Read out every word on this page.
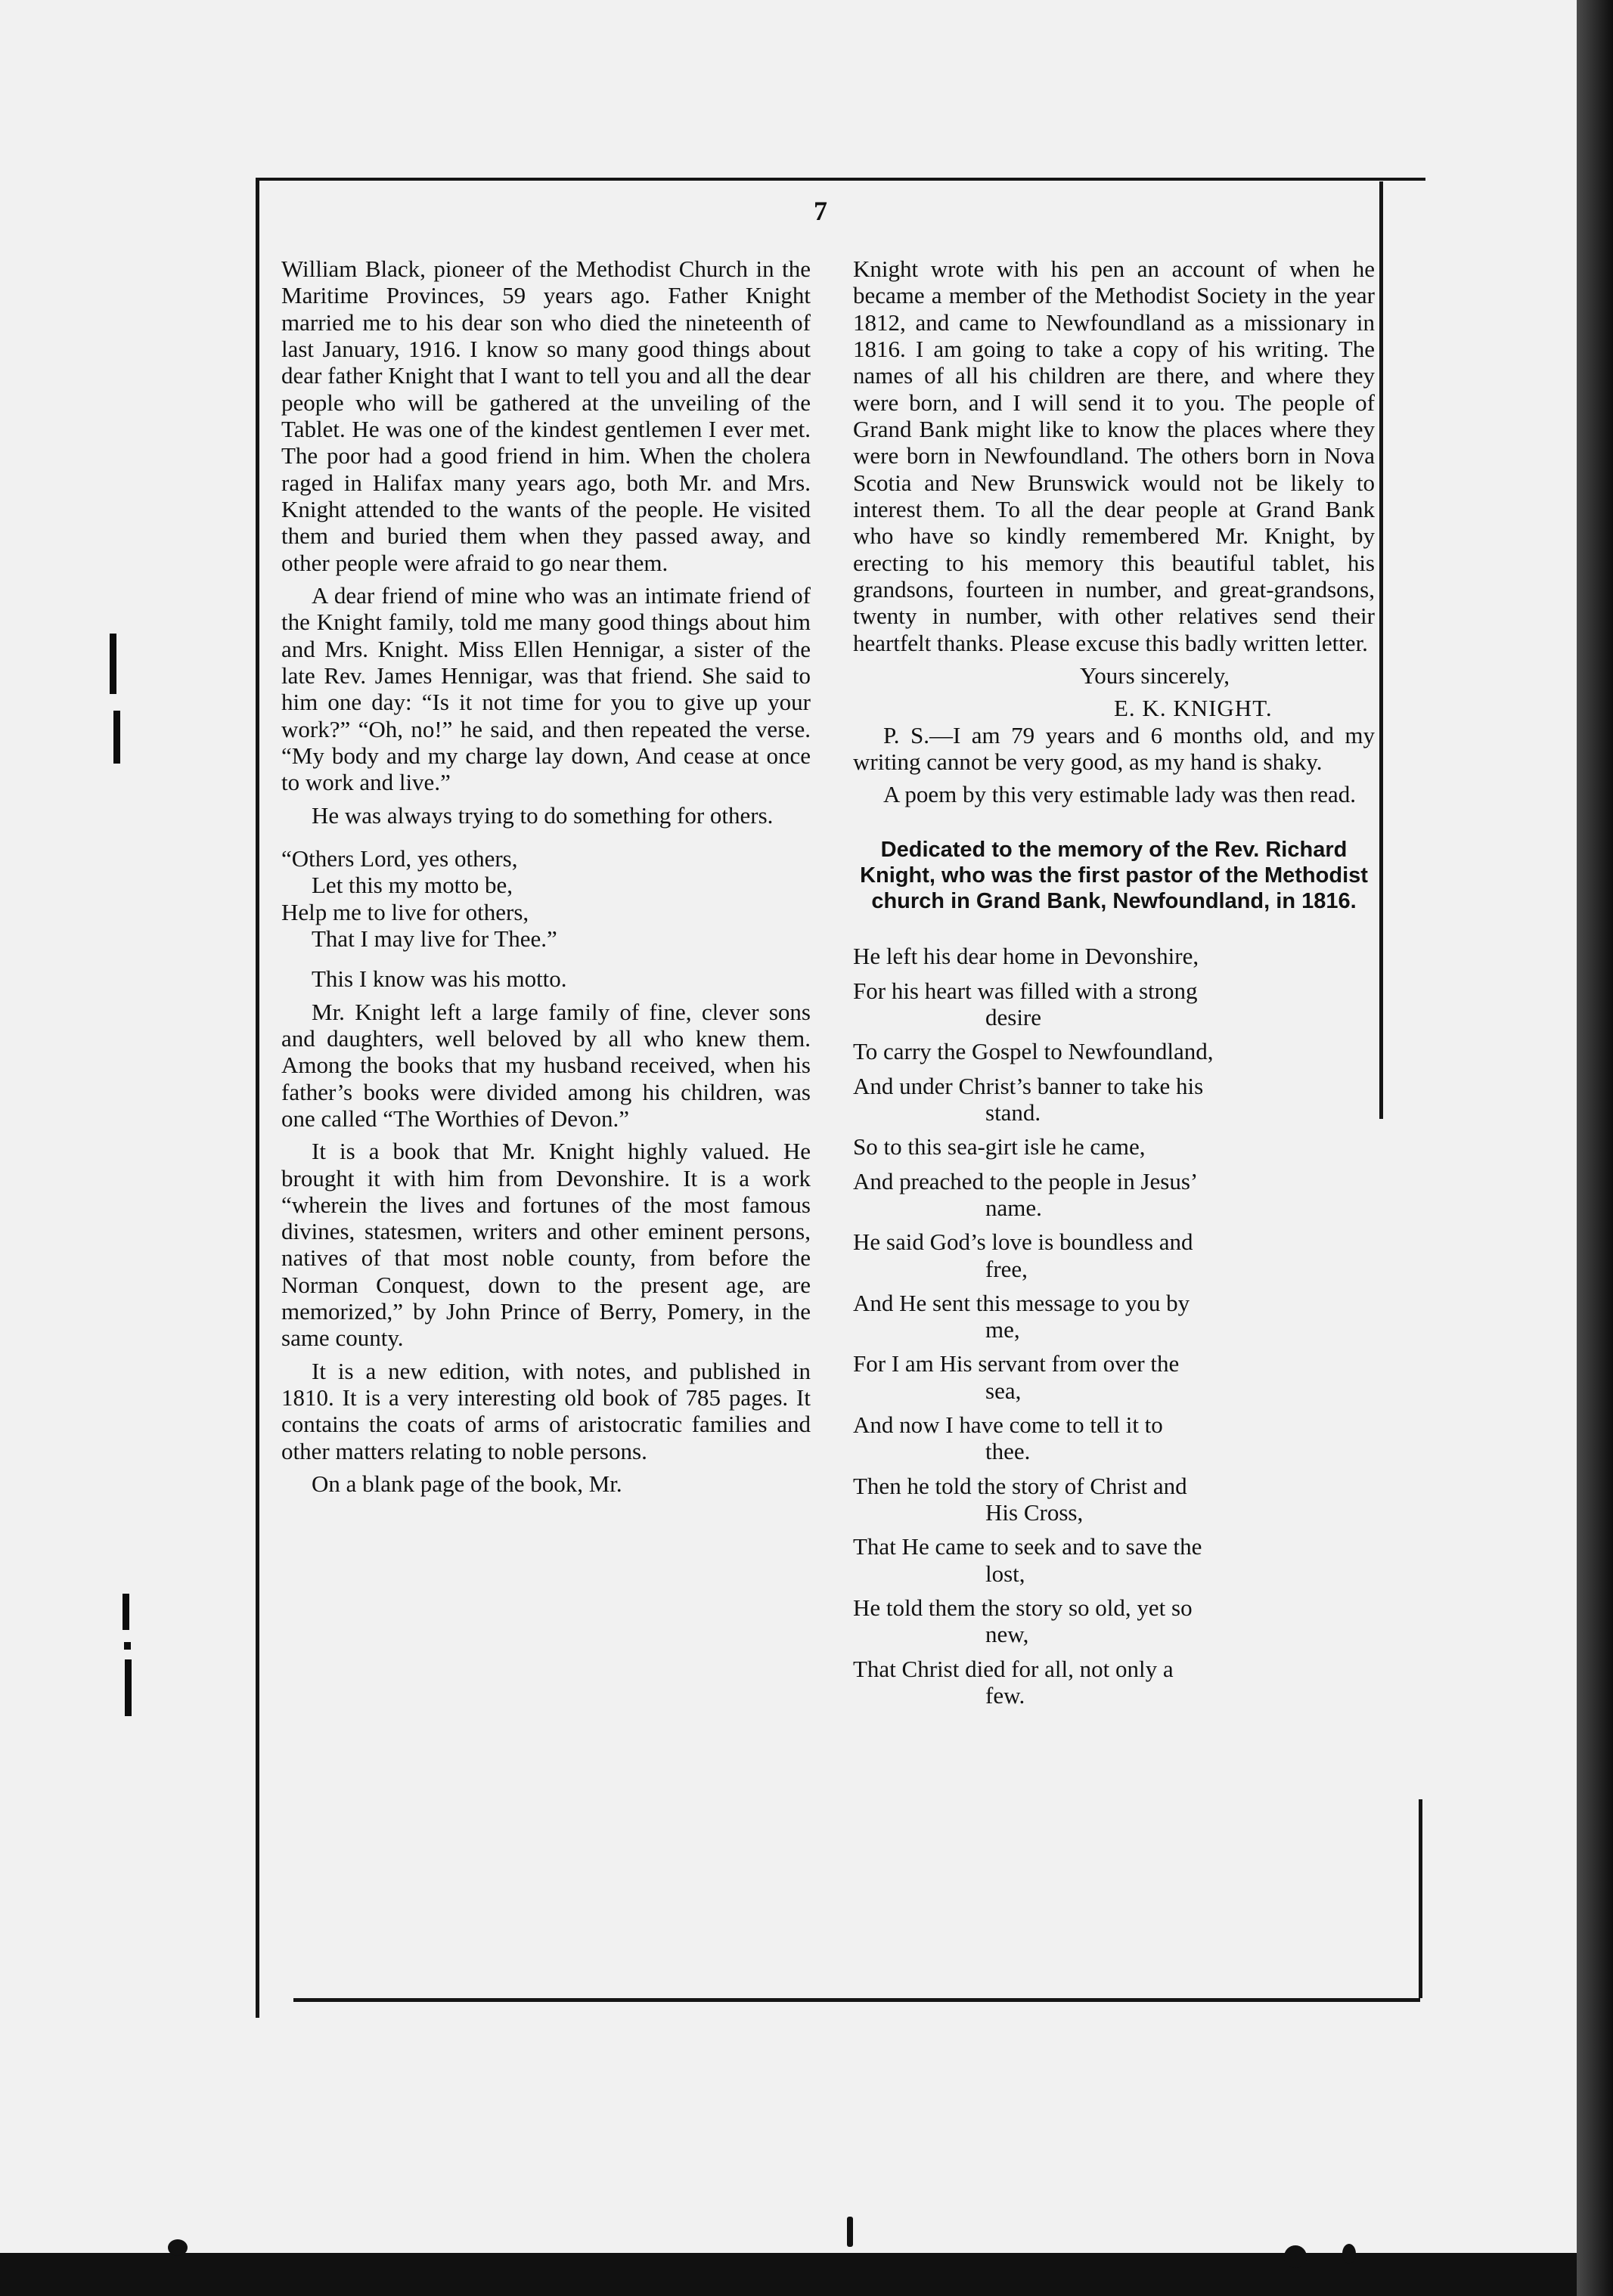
7

William Black, pioneer of the Methodist Church in the Maritime Provinces, 59 years ago. Father Knight married me to his dear son who died the nineteenth of last January, 1916. I know so many good things about dear father Knight that I want to tell you and all the dear people who will be gathered at the unveiling of the Tablet. He was one of the kindest gentlemen I ever met. The poor had a good friend in him. When the cholera raged in Halifax many years ago, both Mr. and Mrs. Knight attended to the wants of the people. He visited them and buried them when they passed away, and other people were afraid to go near them.

A dear friend of mine who was an intimate friend of the Knight family, told me many good things about him and Mrs. Knight. Miss Ellen Hennigar, a sister of the late Rev. James Hennigar, was that friend. She said to him one day: “Is it not time for you to give up your work?” “Oh, no!” he said, and then repeated the verse. “My body and my charge lay down, And cease at once to work and live.”

He was always trying to do something for others.

“Others Lord, yes others,
Let this my motto be,
Help me to live for others,
That I may live for Thee.”

This I know was his motto.

Mr. Knight left a large family of fine, clever sons and daughters, well beloved by all who knew them. Among the books that my husband received, when his father’s books were divided among his children, was one called “The Worthies of Devon.”

It is a book that Mr. Knight highly valued. He brought it with him from Devonshire. It is a work “wherein the lives and fortunes of the most famous divines, statesmen, writers and other eminent persons, natives of that most noble county, from before the Norman Conquest, down to the present age, are memorized,” by John Prince of Berry, Pomery, in the same county.

It is a new edition, with notes, and published in 1810. It is a very interesting old book of 785 pages. It contains the coats of arms of aristocratic families and other matters relating to noble persons.

On a blank page of the book, Mr.

Knight wrote with his pen an account of when he became a member of the Methodist Society in the year 1812, and came to Newfoundland as a missionary in 1816. I am going to take a copy of his writing. The names of all his children are there, and where they were born, and I will send it to you. The people of Grand Bank might like to know the places where they were born in Newfoundland. The others born in Nova Scotia and New Brunswick would not be likely to interest them. To all the dear people at Grand Bank who have so kindly remembered Mr. Knight, by erecting to his memory this beautiful tablet, his grandsons, fourteen in number, and great-grandsons, twenty in number, with other relatives send their heartfelt thanks. Please excuse this badly written letter.

Yours sincerely,
E. K. KNIGHT.

P. S.—I am 79 years and 6 months old, and my writing cannot be very good, as my hand is shaky.

A poem by this very estimable lady was then read.

Dedicated to the memory of the Rev. Richard Knight, who was the first pastor of the Methodist church in Grand Bank, Newfoundland, in 1816.
He left his dear home in Devonshire,
For his heart was filled with a strong
desire
To carry the Gospel to Newfoundland,
And under Christ’s banner to take his
stand.
So to this sea-girt isle he came,
And preached to the people in Jesus’
name.
He said God’s love is boundless and
free,
And He sent this message to you by
me,
For I am His servant from over the
sea,
And now I have come to tell it to
thee.
Then he told the story of Christ and
His Cross,
That He came to seek and to save the
lost,
He told them the story so old, yet so
new,
That Christ died for all, not only a
few.
